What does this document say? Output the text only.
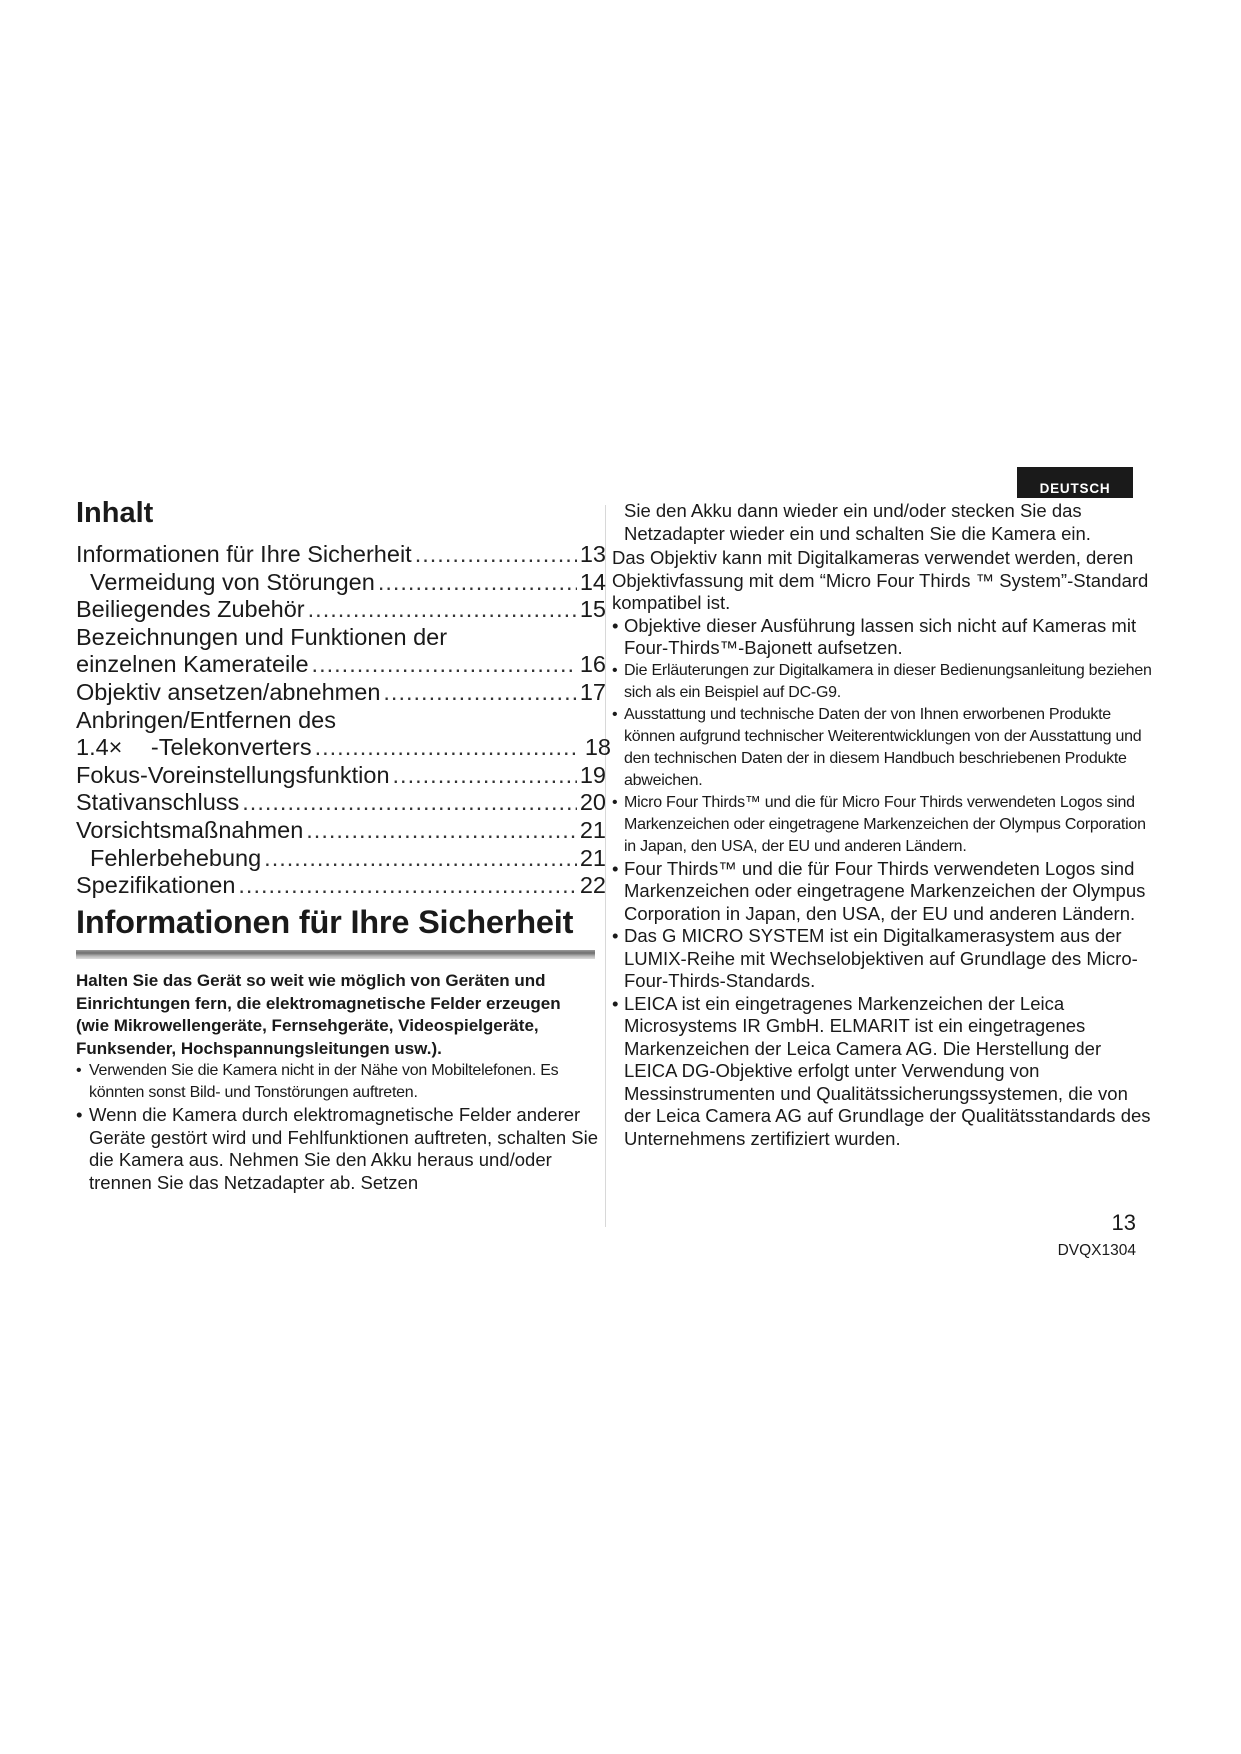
DEUTSCH
Inhalt
Informationen für Ihre Sicherheit .....	13
Vermeidung von Störungen .....	14
Beiliegendes Zubehör .....	15
Bezeichnungen und Funktionen der
einzelnen Kamerateile .....	16
Objektiv ansetzen/abnehmen .....	17
Anbringen/Entfernen des
1.4× -Telekonverters .....	18
Fokus-Voreinstellungsfunktion .....	19
Stativanschluss .....	20
Vorsichtsmaßnahmen .....	21
Fehlerbehebung .....	21
Spezifikationen .....	22
Informationen für Ihre Sicherheit

Halten Sie das Gerät so weit wie möglich von Geräten und Einrichtungen fern, die elektromagnetische Felder erzeugen (wie Mikrowellengeräte, Fernsehgeräte, Videospielgeräte, Funksender, Hochspannungsleitungen usw.).

• Verwenden Sie die Kamera nicht in der Nähe von Mobiltelefonen. Es könnten sonst Bild- und Tonstörungen auftreten.
• Wenn die Kamera durch elektromagnetische Felder anderer Geräte gestört wird und Fehlfunktionen auftreten, schalten Sie die Kamera aus. Nehmen Sie den Akku heraus und/oder trennen Sie das Netzadapter ab. Setzen

Sie den Akku dann wieder ein und/oder stecken Sie das Netzadapter wieder ein und schalten Sie die Kamera ein.

Das Objektiv kann mit Digitalkameras verwendet werden, deren Objektivfassung mit dem “Micro Four Thirds ™ System”-Standard kompatibel ist.

• Objektive dieser Ausführung lassen sich nicht auf Kameras mit Four-Thirds™-Bajonett aufsetzen.
• Die Erläuterungen zur Digitalkamera in dieser Bedienungsanleitung beziehen sich als ein Beispiel auf DC-G9.
• Ausstattung und technische Daten der von Ihnen erworbenen Produkte können aufgrund technischer Weiterentwicklungen von der Ausstattung und den technischen Daten der in diesem Handbuch beschriebenen Produkte abweichen.
• Micro Four Thirds™ und die für Micro Four Thirds verwendeten Logos sind Markenzeichen oder eingetragene Markenzeichen der Olympus Corporation in Japan, den USA, der EU und anderen Ländern.
• Four Thirds™ und die für Four Thirds verwendeten Logos sind Markenzeichen oder eingetragene Markenzeichen der Olympus Corporation in Japan, den USA, der EU und anderen Ländern.
• Das G MICRO SYSTEM ist ein Digitalkamerasystem aus der LUMIX-Reihe mit Wechselobjektiven auf Grundlage des Micro-Four-Thirds-Standards.
• LEICA ist ein eingetragenes Markenzeichen der Leica Microsystems IR GmbH. ELMARIT ist ein eingetragenes Markenzeichen der Leica Camera AG. Die Herstellung der LEICA DG-Objektive erfolgt unter Verwendung von Messinstrumenten und Qualitätssicherungssystemen, die von der Leica Camera AG auf Grundlage der Qualitätsstandards des Unternehmens zertifiziert wurden.

13

DVQX1304
